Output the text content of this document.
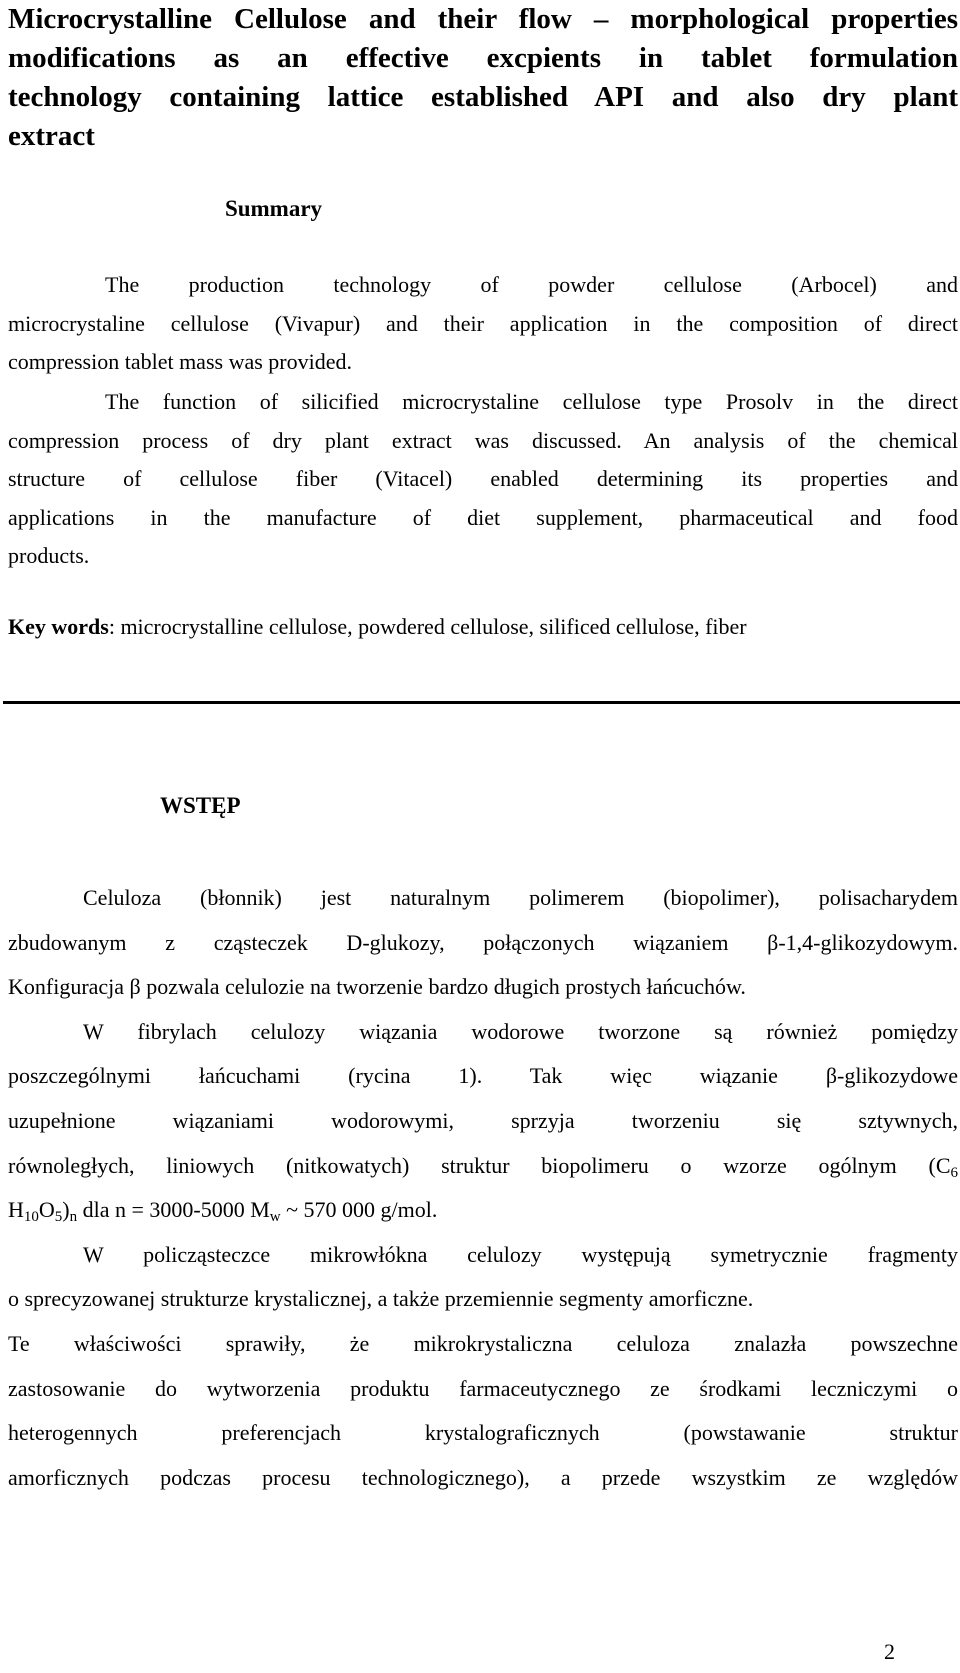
Microcrystalline Cellulose and their flow – morphological properties
modifications as an effective excpients in tablet formulation
technology containing lattice established API and also dry plant
extract
Summary
The production technology of powder cellulose (Arbocel) and
microcrystaline cellulose (Vivapur) and their application in the composition of direct
compression tablet mass was provided.
The function of silicified microcrystaline cellulose type Prosolv in the direct
compression process of dry plant extract was discussed. An analysis of the chemical
structure of cellulose fiber (Vitacel) enabled determining its properties and
applications in the manufacture of diet supplement, pharmaceutical and food
products.
Key words: microcrystalline cellulose, powdered cellulose, silificed cellulose, fiber
WSTĘP
Celuloza (błonnik) jest naturalnym polimerem (biopolimer), polisacharydem
zbudowanym z cząsteczek D-glukozy, połączonych wiązaniem β-1,4-glikozydowym.
Konfiguracja β pozwala celulozie na tworzenie bardzo długich prostych łańcuchów.
W fibrylach celulozy wiązania wodorowe tworzone są również pomiędzy
poszczególnymi łańcuchami (rycina 1). Tak więc wiązanie β-glikozydowe
uzupełnione wiązaniami wodorowymi, sprzyja tworzeniu się sztywnych,
równoległych, liniowych (nitkowatych) struktur biopolimeru o wzorze ogólnym ($C_6$
$H_{10}O_5)_n$ dla n = 3000-5000 $M_w$ ~ 570 000 g/mol.
W policząsteczce mikrowłókna celulozy występują symetrycznie fragmenty
o sprecyzowanej strukturze krystalicznej, a także przemiennie segmenty amorficzne.
Te właściwości sprawiły, że mikrokrystaliczna celuloza znalazła powszechne
zastosowanie do wytworzenia produktu farmaceutycznego ze środkami leczniczymi o
heterogennych preferencjach krystalograficznych (powstawanie struktur
amorficznych podczas procesu technologicznego), a przede wszystkim ze względów
2
